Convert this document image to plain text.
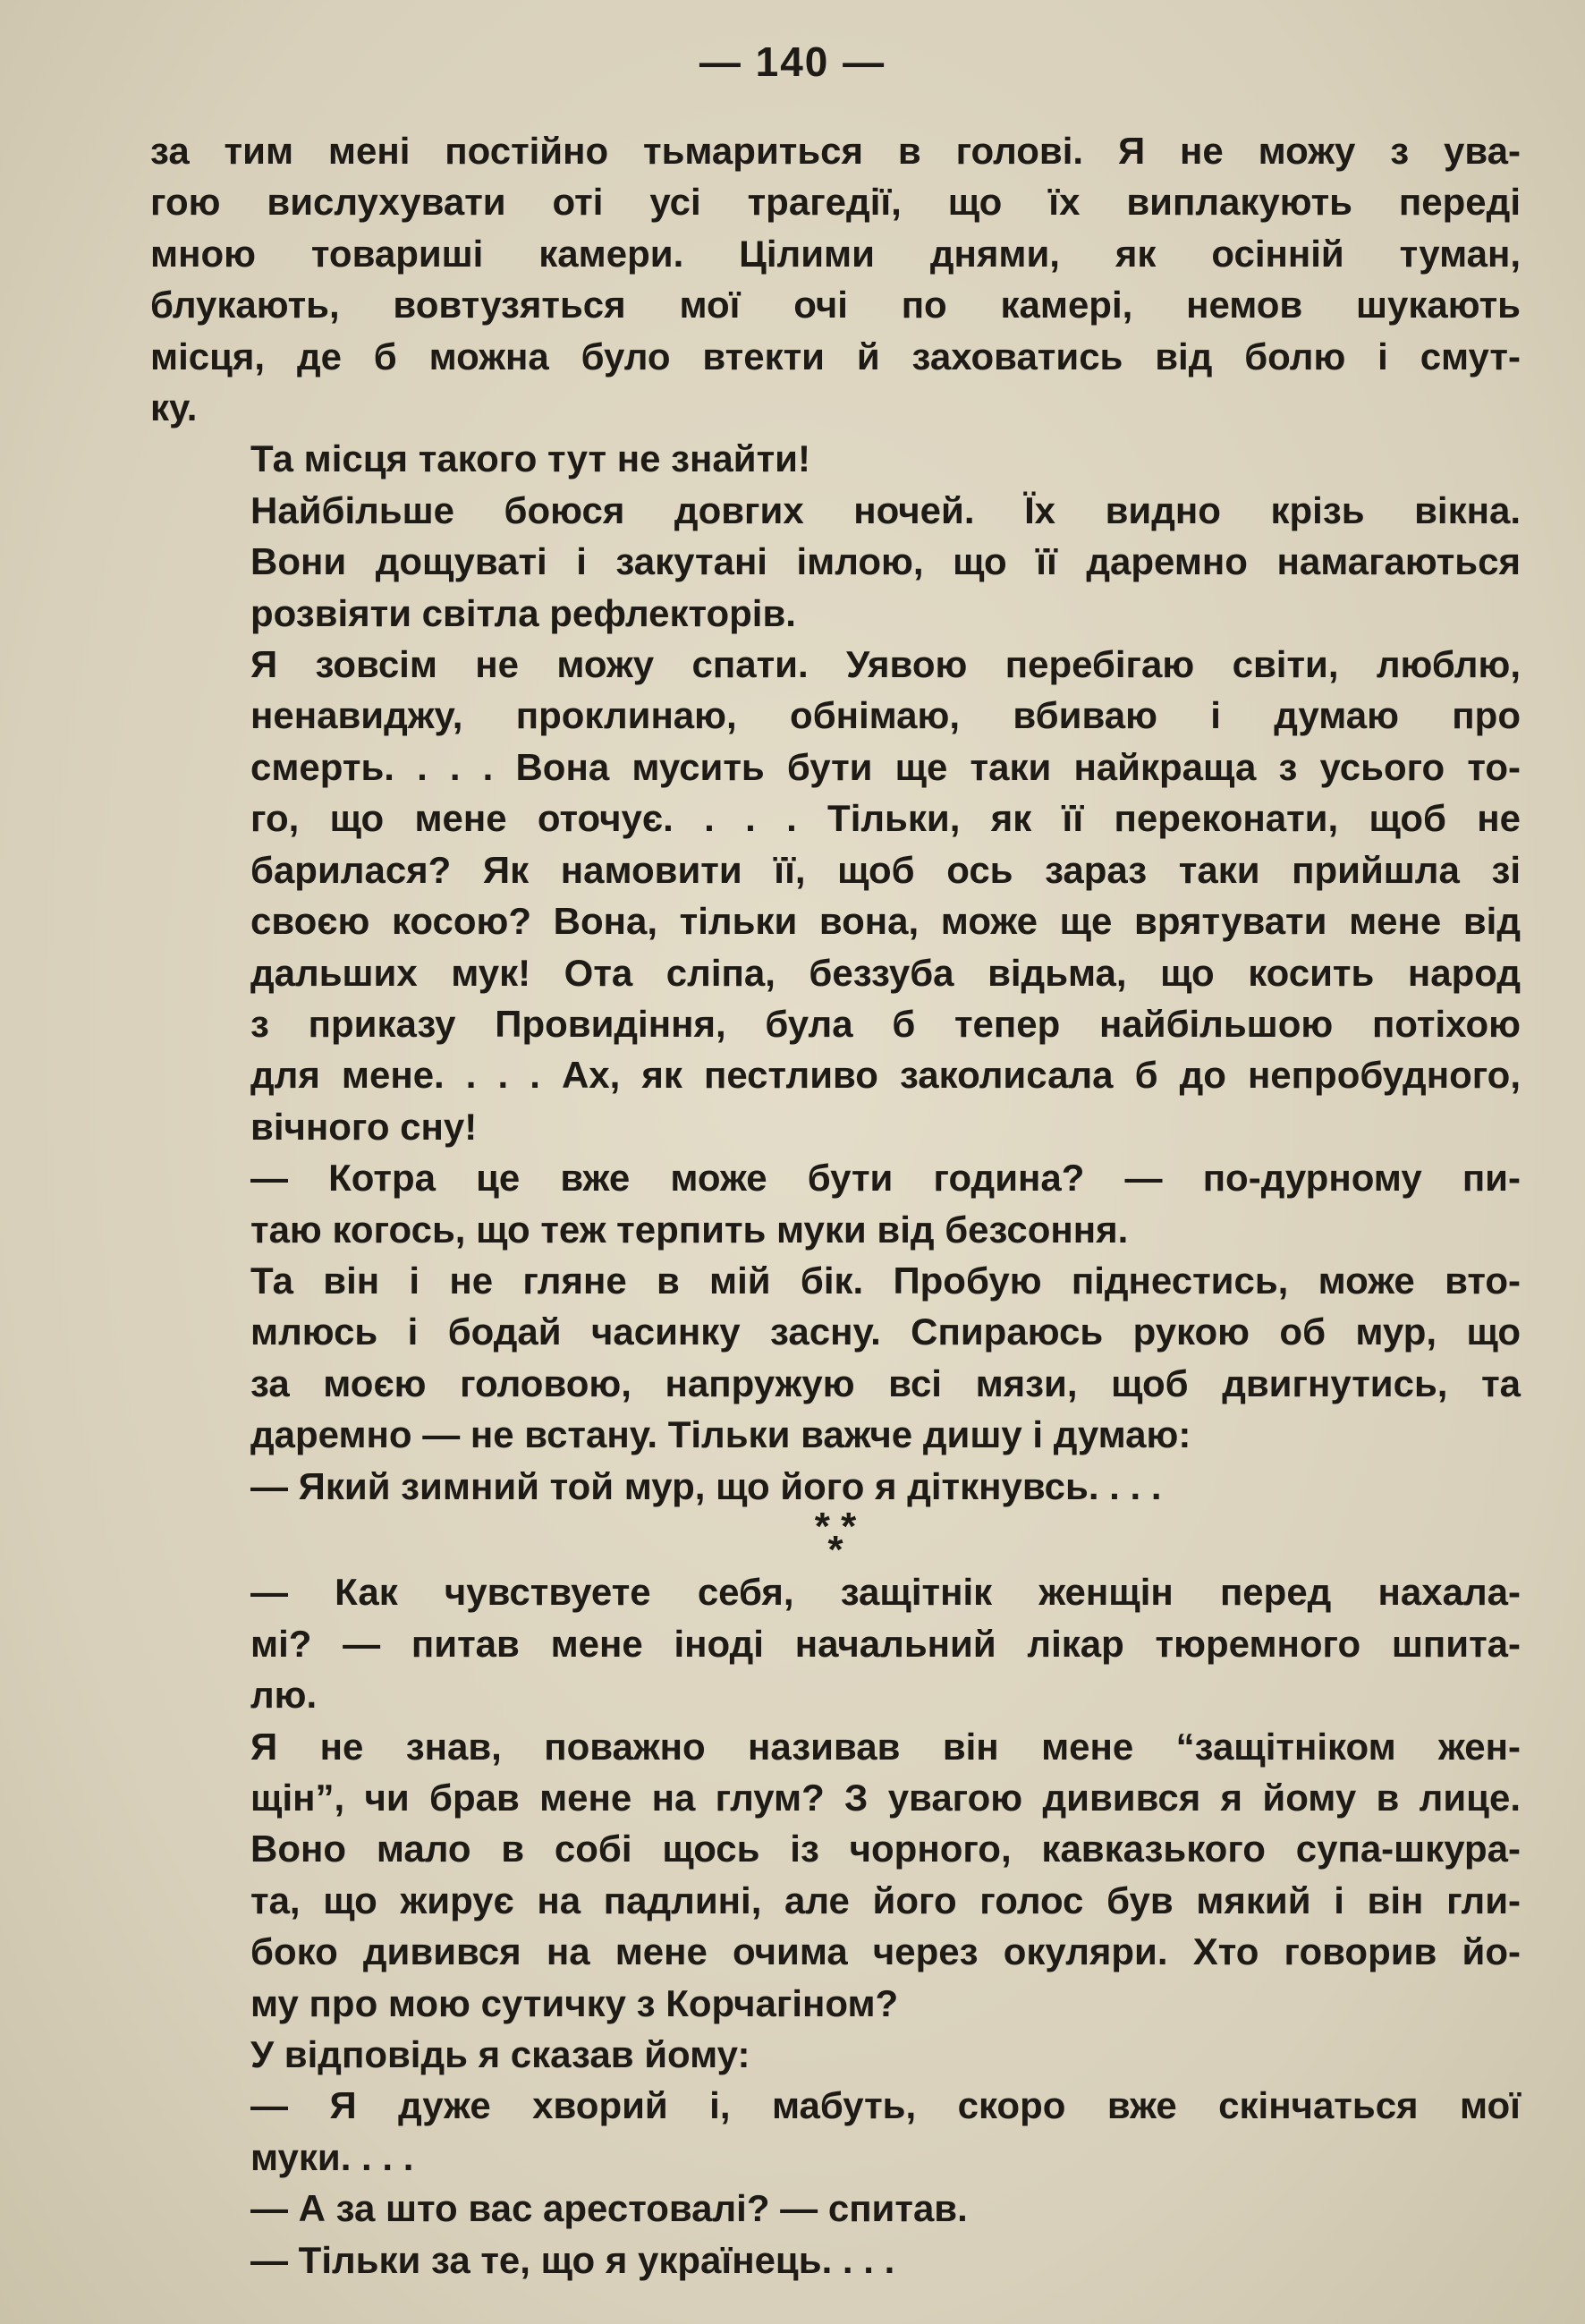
— 140 —
за тим мені постійно тьмариться в голові. Я не можу з ува-
гою вислухувати оті усі трагедії, що їх виплакують переді
мною товариші камери. Цілими днями, як осінній туман,
блукають, вовтузяться мої очі по камері, немов шукають
місця, де б можна було втекти й заховатись від болю і смут-
ку.
Та місця такого тут не знайти!
Найбільше боюся довгих ночей. Їх видно крізь вікна.
Вони дощуваті і закутані імлою, що її даремно намагаються
розвіяти світла рефлекторів.
Я зовсім не можу спати. Уявою перебігаю світи, люблю,
ненавиджу, проклинаю, обнімаю, вбиваю і думаю про
смерть. . . . Вона мусить бути ще таки найкраща з усього то-
го, що мене оточує. . . . Тільки, як її переконати, щоб не
барилася? Як намовити її, щоб ось зараз таки прийшла зі
своєю косою? Вона, тільки вона, може ще врятувати мене від
дальших мук! Ота сліпа, беззуба відьма, що косить народ
з приказу Провидіння, була б тепер найбільшою потіхою
для мене. . . . Ах, як пестливо заколисала б до непробудного,
вічного сну!
— Котра це вже може бути година? — по-дурному пи-
таю когось, що теж терпить муки від безсоння.
Та він і не гляне в мій бік. Пробую піднестись, може вто-
млюсь і бодай часинку засну. Спираюсь рукою об мур, що
за моєю головою, напружую всі мязи, щоб двигнутись, та
даремно — не встану. Тільки важче дишу і думаю:
— Який зимний той мур, що його я діткнувсь. . . .
* *
*
— Как чувствуете себя, защітнік женщін перед нахала-
мі? — питав мене іноді начальний лікар тюремного шпита-
лю.
Я не знав, поважно називав він мене “защітніком жен-
щін”, чи брав мене на глум? З увагою дивився я йому в лице.
Воно мало в собі щось із чорного, кавказького супа-шкура-
та, що жирує на падлині, але його голос був мякий і він гли-
боко дивився на мене очима через окуляри. Хто говорив йо-
му про мою сутичку з Корчагіном?
У відповідь я сказав йому:
— Я дуже хворий і, мабуть, скоро вже скінчаться мої
муки. . . .
— А за што вас арестовалі? — спитав.
— Тільки за те, що я українець. . . .
